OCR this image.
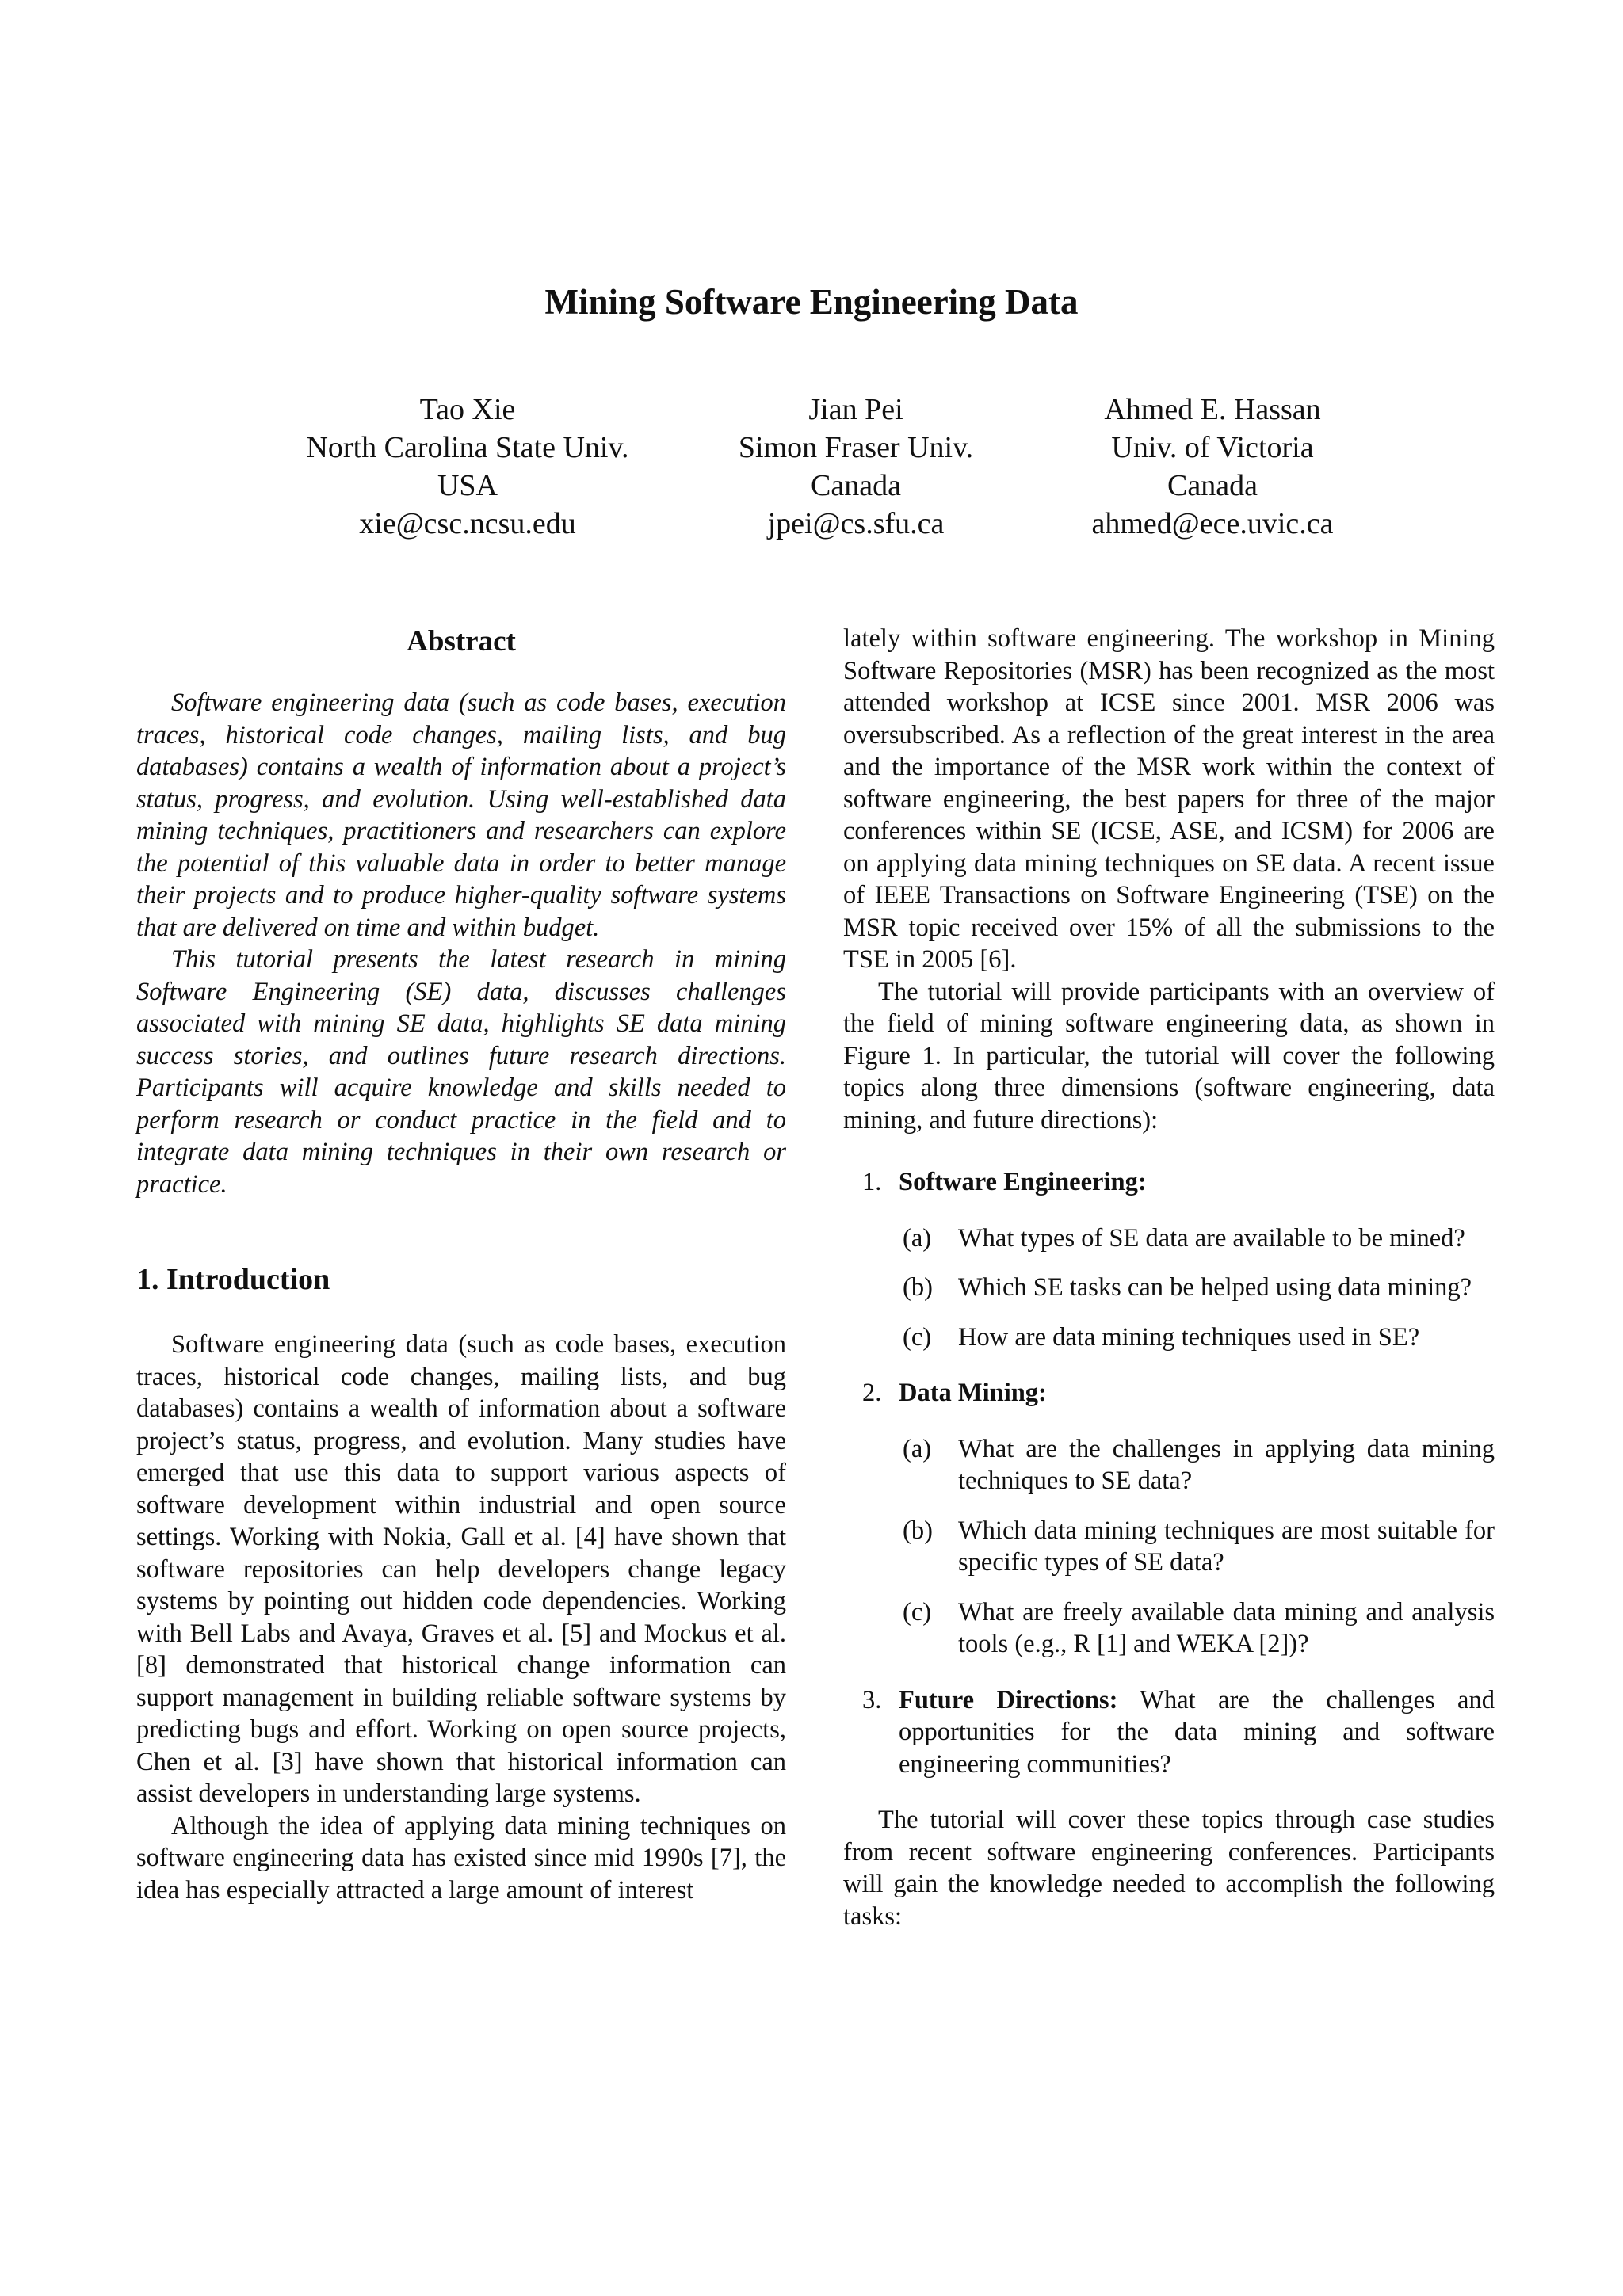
Mining Software Engineering Data
Tao Xie
North Carolina State Univ.
USA
xie@csc.ncsu.edu
Jian Pei
Simon Fraser Univ.
Canada
jpei@cs.sfu.ca
Ahmed E. Hassan
Univ. of Victoria
Canada
ahmed@ece.uvic.ca
Abstract

Software engineering data (such as code bases, execution traces, historical code changes, mailing lists, and bug databases) contains a wealth of information about a project’s status, progress, and evolution. Using well-established data mining techniques, practitioners and researchers can explore the potential of this valuable data in order to better manage their projects and to produce higher-quality software systems that are delivered on time and within budget.

This tutorial presents the latest research in mining Software Engineering (SE) data, discusses challenges associated with mining SE data, highlights SE data mining success stories, and outlines future research directions. Participants will acquire knowledge and skills needed to perform research or conduct practice in the field and to integrate data mining techniques in their own research or practice.

1. Introduction

Software engineering data (such as code bases, execution traces, historical code changes, mailing lists, and bug databases) contains a wealth of information about a software project’s status, progress, and evolution. Many studies have emerged that use this data to support various aspects of software development within industrial and open source settings. Working with Nokia, Gall et al. [4] have shown that software repositories can help developers change legacy systems by pointing out hidden code dependencies. Working with Bell Labs and Avaya, Graves et al. [5] and Mockus et al. [8] demonstrated that historical change information can support management in building reliable software systems by predicting bugs and effort. Working on open source projects, Chen et al. [3] have shown that historical information can assist developers in understanding large systems.

Although the idea of applying data mining techniques on software engineering data has existed since mid 1990s [7], the idea has especially attracted a large amount of interest

lately within software engineering. The workshop in Mining Software Repositories (MSR) has been recognized as the most attended workshop at ICSE since 2001. MSR 2006 was oversubscribed. As a reflection of the great interest in the area and the importance of the MSR work within the context of software engineering, the best papers for three of the major conferences within SE (ICSE, ASE, and ICSM) for 2006 are on applying data mining techniques on SE data. A recent issue of IEEE Transactions on Software Engineering (TSE) on the MSR topic received over 15% of all the submissions to the TSE in 2005 [6].

The tutorial will provide participants with an overview of the field of mining software engineering data, as shown in Figure 1. In particular, the tutorial will cover the following topics along three dimensions (software engineering, data mining, and future directions):

1. Software Engineering:
(a) What types of SE data are available to be mined?
(b) Which SE tasks can be helped using data mining?
(c) How are data mining techniques used in SE?
2. Data Mining:
(a) What are the challenges in applying data mining techniques to SE data?
(b) Which data mining techniques are most suitable for specific types of SE data?
(c) What are freely available data mining and analysis tools (e.g., R [1] and WEKA [2])?
3. Future Directions: What are the challenges and opportunities for the data mining and software engineering communities?

The tutorial will cover these topics through case studies from recent software engineering conferences. Participants will gain the knowledge needed to accomplish the following tasks:
